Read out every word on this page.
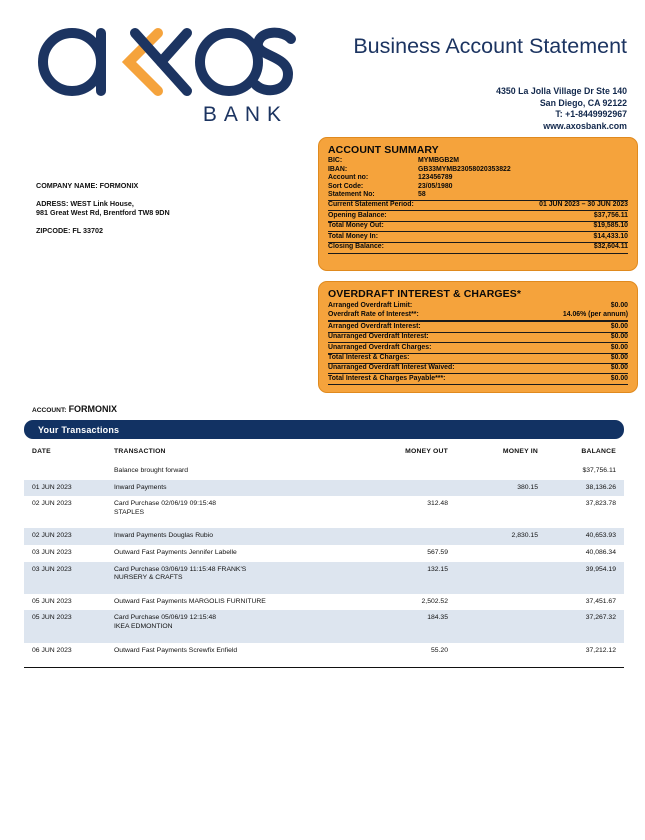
BANK
Business Account Statement
4350 La Jolla Village Dr Ste 140
San Diego, CA 92122
T: +1-8449992967
www.axosbank.com
COMPANY NAME: FORMONIX
ADRESS: WEST Link House,
981 Great West Rd, Brentford TW8 9DN
ZIPCODE: FL 33702
ACCOUNT SUMMARY
BIC:	MYMBGB2M
IBAN:	GB33MYMB23058020353822
Account no:	123456789
Sort Code:	23/05/1980
Statement No:	58
Current Statement Period:	01 JUN 2023 – 30 JUN 2023
Opening Balance:	$37,756.11
Total Money Out:	$19,585.10
Total Money In:	$14,433.10
Closing Balance:	$32,604.11
OVERDRAFT INTEREST & CHARGES*
Arranged Overdraft Limit:	$0.00
Overdraft Rate of Interest**:	14.06% (per annum)
Arranged Overdraft Interest:	$0.00
Unarranged Overdraft Interest:	$0.00
Unarranged Overdraft Charges:	$0.00
Total Interest & Charges:	$0.00
Unarranged Overdraft Interest Waived:	$0.00
Total Interest & Charges Payable***:	$0.00
ACCOUNT: FORMONIX
Your Transactions
DATE	TRANSACTION	MONEY OUT	MONEY IN	BALANCE
	Balance brought forward			$37,756.11
01 JUN 2023	Inward Payments		380.15	38,136.26
02 JUN 2023	Card Purchase 02/06/19 09:15:48
STAPLES	312.48		37,823.78
02 JUN 2023	Inward Payments Douglas Rubio		2,830.15	40,653.93
03 JUN 2023	Outward Fast Payments Jennifer Labelle	567.59		40,086.34
03 JUN 2023	Card Purchase 03/06/19 11:15:48 FRANK'S
NURSERY & CRAFTS	132.15		39,954.19
05 JUN 2023	Outward Fast Payments MARGOLIS FURNITURE	2,502.52		37,451.67
05 JUN 2023	Card Purchase 05/06/19 12:15:48
IKEA EDMONTION	184.35		37,267.32
06 JUN 2023	Outward Fast Payments Screwfix Enfield	55.20		37,212.12
